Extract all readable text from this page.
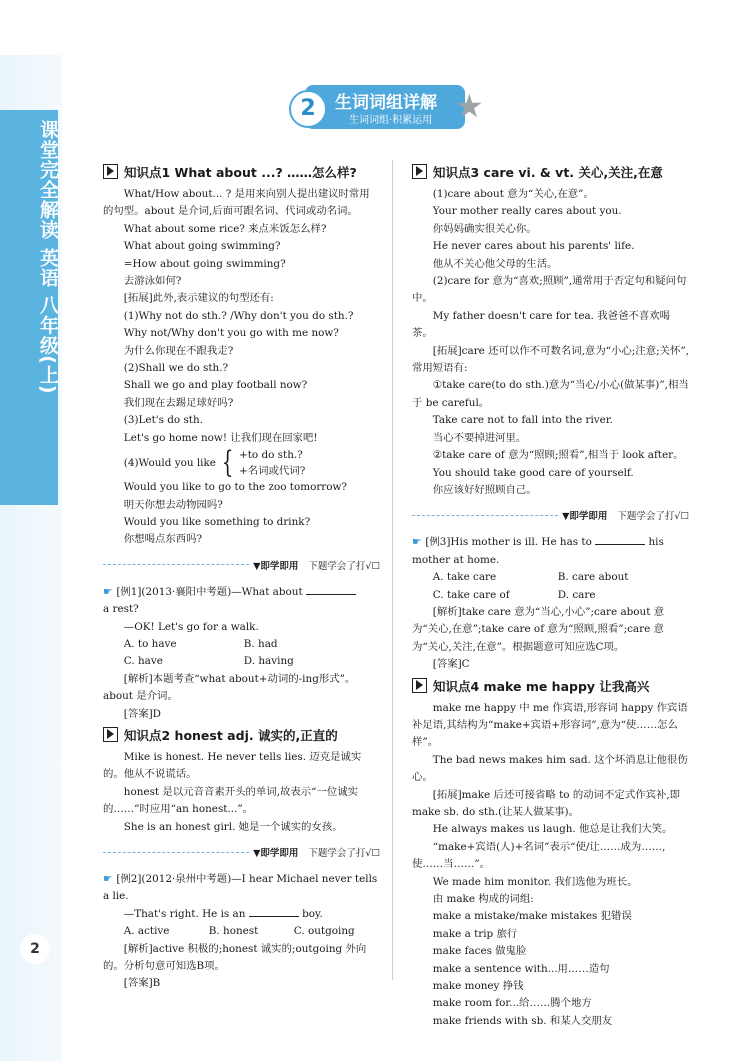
课堂完全解读 英语 八年级(上)
2
2	生词词组详解
生词词组·积累运用 ★
知识点1 What about ...? ……怎么样?

What/How about... ? 是用来向别人提出建议时常用的句型。about 是介词,后面可跟名词、代词或动名词。

What about some rice? 来点米饭怎么样?

What about going swimming?

=How about going swimming?

去游泳如何?

[拓展]此外,表示建议的句型还有:

(1)Why not do sth.? /Why don't you do sth.?

Why not/Why don't you go with me now?

为什么你现在不跟我走?

(2)Shall we do sth.?

Shall we go and play football now?

我们现在去踢足球好吗?

(3)Let's do sth.

Let's go home now! 让我们现在回家吧!

(4)Would you like { +to do sth.?
+名词或代词?

Would you like to go to the zoo tomorrow?

明天你想去动物园吗?

Would you like something to drink?

你想喝点东西吗?

▼即学即用 下题学会了打√☐

☛ [例1](2013·襄阳中考题)—What about

a rest?

—OK! Let's go for a walk.

A. to have	B. had
C. have	D. having

[解析]本题考查“what about+动词的-ing形式”。about 是介词。

[答案]D

知识点2 honest adj. 诚实的,正直的

Mike is honest. He never tells lies. 迈克是诚实的。他从不说谎话。

honest 是以元音音素开头的单词,故表示“一位诚实的……”时应用“an honest...”。

She is an honest girl. 她是一个诚实的女孩。

▼即学即用 下题学会了打√☐

☛ [例2](2012·泉州中考题)—I hear Michael never tells a lie.

—That's right. He is an	boy.

A. active	B. honest	C. outgoing

[解析]active 积极的;honest 诚实的;outgoing 外向的。分析句意可知选B项。

[答案]B

知识点3 care vi. & vt. 关心,关注,在意

(1)care about 意为“关心,在意”。

Your mother really cares about you.

你妈妈确实很关心你。

He never cares about his parents' life.

他从不关心他父母的生活。

(2)care for 意为“喜欢;照顾”,通常用于否定句和疑问句中。

My father doesn't care for tea. 我爸爸不喜欢喝茶。

[拓展]care 还可以作不可数名词,意为“小心;注意;关怀”,常用短语有:

①take care(to do sth.)意为“当心/小心(做某事)”,相当于 be careful。

Take care not to fall into the river.

当心不要掉进河里。

②take care of 意为“照顾;照看”,相当于 look after。

You should take good care of yourself.

你应该好好照顾自己。

▼即学即用 下题学会了打√☐

☛ [例3]His mother is ill. He has to	his mother at home.

A. take care	B. care about
C. take care of	D. care

[解析]take care 意为“当心,小心”;care about 意为“关心,在意”;take care of 意为“照顾,照看”;care 意为“关心,关注,在意”。根据题意可知应选C项。

[答案]C

知识点4 make me happy 让我高兴

make me happy 中 me 作宾语,形容词 happy 作宾语补足语,其结构为“make+宾语+形容词”,意为“使……怎么样”。

The bad news makes him sad. 这个坏消息让他很伤心。

[拓展]make 后还可接省略 to 的动词不定式作宾补,即 make sb. do sth.(让某人做某事)。

He always makes us laugh. 他总是让我们大笑。

“make+宾语(人)+名词”表示“使/让……成为……,使……当……”。

We made him monitor. 我们选他为班长。

由 make 构成的词组:

make a mistake/make mistakes 犯错误

make a trip 旅行

make faces 做鬼脸

make a sentence with...用……造句

make money 挣钱

make room for...给……腾个地方

make friends with sb. 和某人交朋友
